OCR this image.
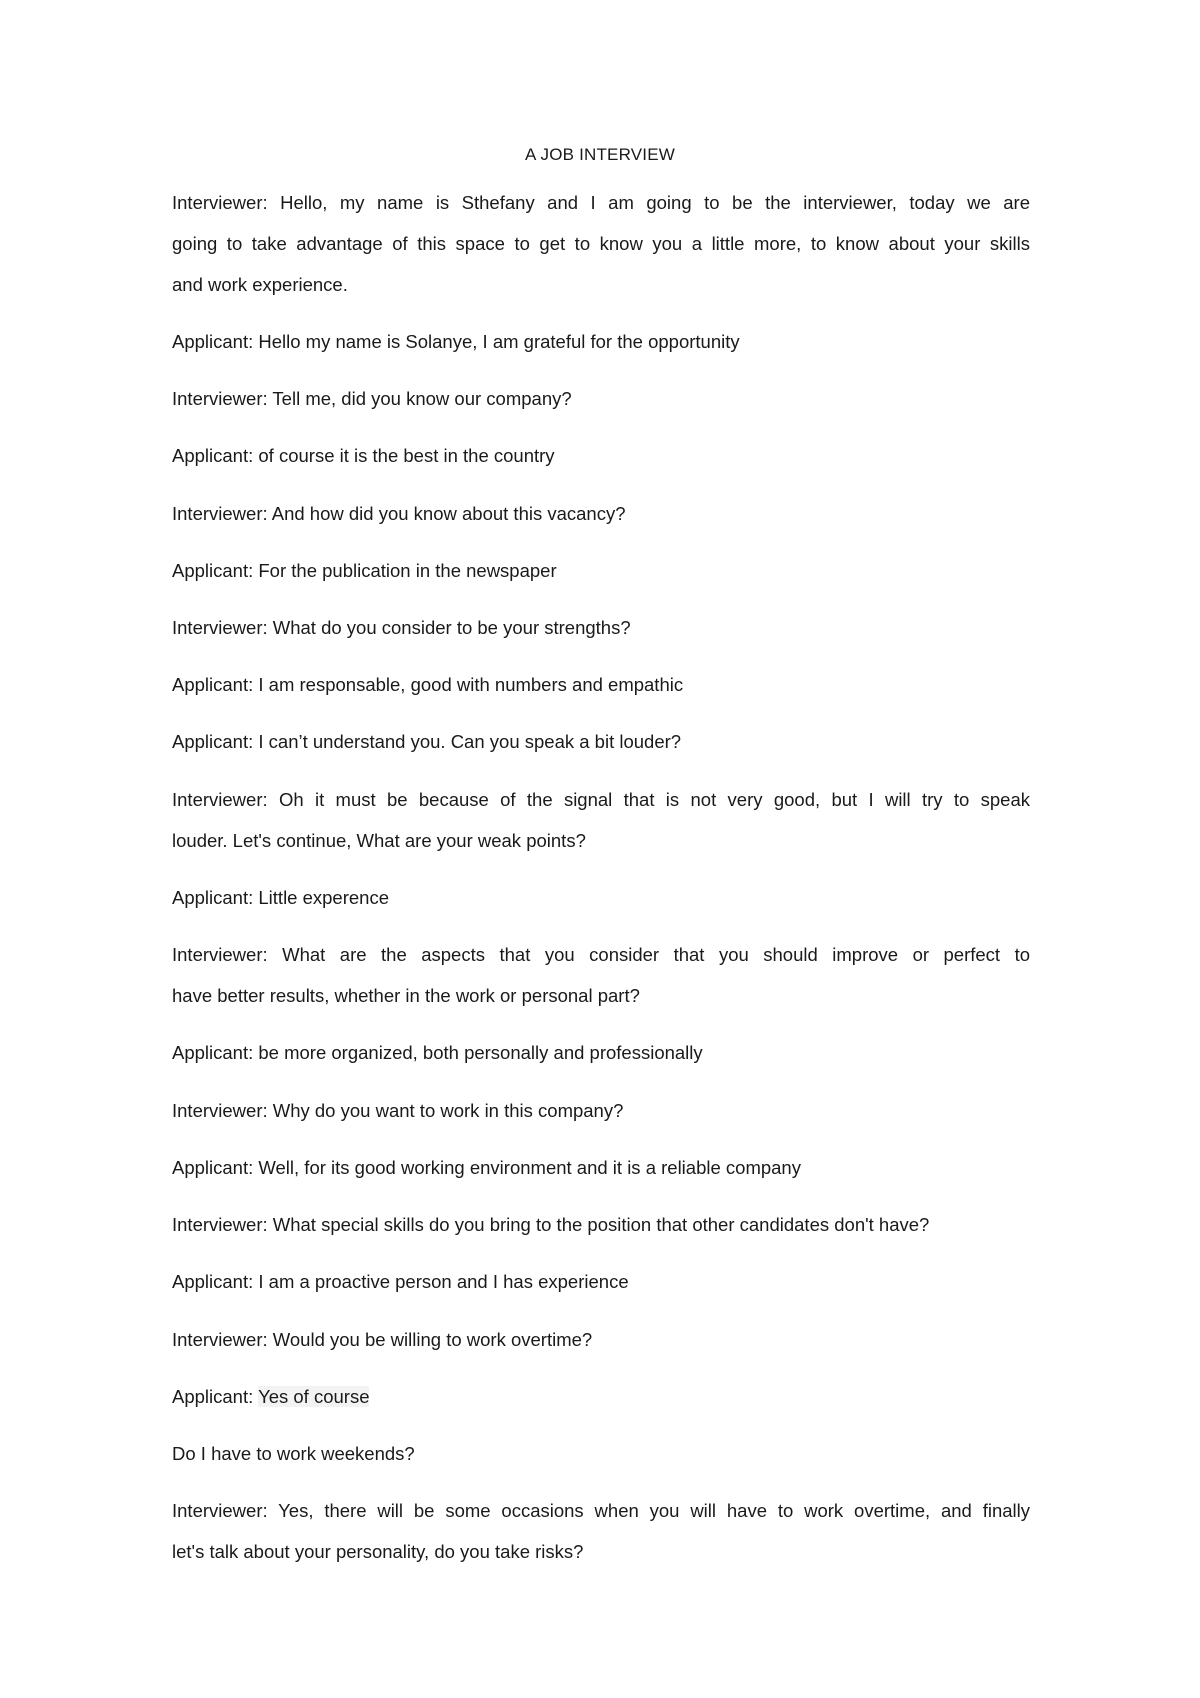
A JOB INTERVIEW
Interviewer: Hello, my name is Sthefany and I am going to be the interviewer, today we are
going to take advantage of this space to get to know you a little more, to know about your skills
and work experience.
Applicant: Hello my name is Solanye, I am grateful for the opportunity
Interviewer: Tell me, did you know our company?
Applicant: of course it is the best in the country
Interviewer: And how did you know about this vacancy?
Applicant: For the publication in the newspaper
Interviewer: What do you consider to be your strengths?
Applicant: I am responsable, good with numbers and empathic
Applicant: I can’t understand you. Can you speak a bit louder?
Interviewer: Oh it must be because of the signal that is not very good, but I will try to speak
louder. Let's continue, What are your weak points?
Applicant: Little experence
Interviewer: What are the aspects that you consider that you should improve or perfect to
have better results, whether in the work or personal part?
Applicant: be more organized, both personally and professionally
Interviewer: Why do you want to work in this company?
Applicant: Well, for its good working environment and it is a reliable company
Interviewer: What special skills do you bring to the position that other candidates don't have?
Applicant: I am a proactive person and I has experience
Interviewer: Would you be willing to work overtime?
Applicant: Yes of course
Do I have to work weekends?
Interviewer: Yes, there will be some occasions when you will have to work overtime, and finally
let's talk about your personality, do you take risks?
